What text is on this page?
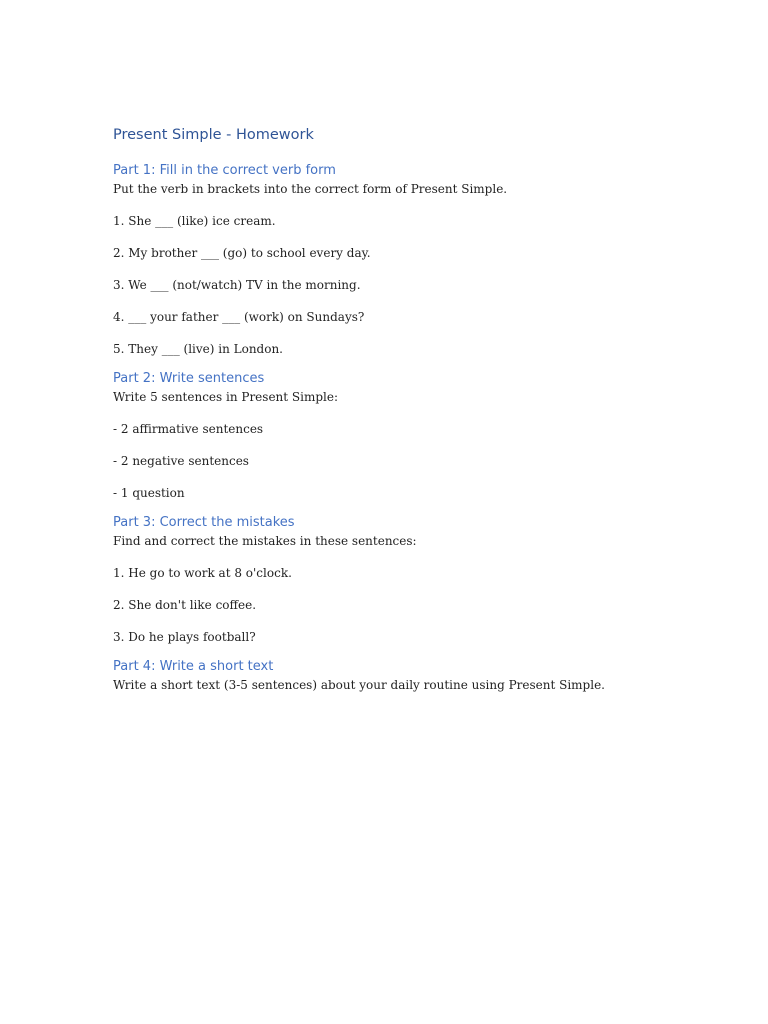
Present Simple - Homework
Part 1: Fill in the correct verb form
Put the verb in brackets into the correct form of Present Simple.
1. She ___ (like) ice cream.
2. My brother ___ (go) to school every day.
3. We ___ (not/watch) TV in the morning.
4. ___ your father ___ (work) on Sundays?
5. They ___ (live) in London.
Part 2: Write sentences
Write 5 sentences in Present Simple:
- 2 affirmative sentences
- 2 negative sentences
- 1 question
Part 3: Correct the mistakes
Find and correct the mistakes in these sentences:
1. He go to work at 8 o'clock.
2. She don't like coffee.
3. Do he plays football?
Part 4: Write a short text
Write a short text (3-5 sentences) about your daily routine using Present Simple.
